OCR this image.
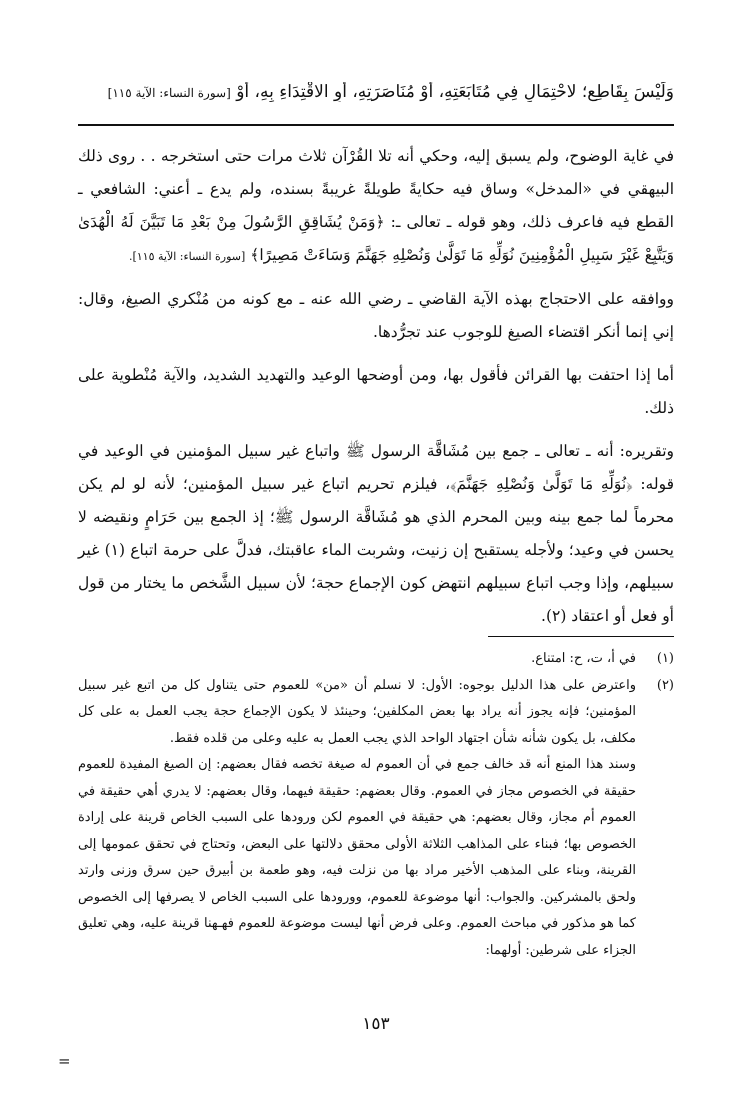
وَلَيْسَ بِقَاطِعٍ؛ لاحْتِمَالٍ فِي مُتَابَعَتِهِ، أَوْ مُنَاصَرَتِهِ، أَوِ الاقْتِدَاءِ بِهِ، أَوْ [سورة النساء: الآية ١١٥]

في غاية الوضوح، ولم يسبق إليه، وحكي أنه تلا القُرْآن ثلاث مرات حتى استخرجه . . روى ذلك البيهقي في «المدخل» وساق فيه حكايةً طويلةً غريبةً بسنده، ولم يدع ـ أعني: الشافعي ـ القطع فيه فاعرف ذلك، وهو قوله ـ تعالى ـ: ﴿وَمَنْ يُشَاقِقِ الرَّسُولَ مِنْ بَعْدِ مَا تَبَيَّنَ لَهُ الْهُدَىٰ وَيَتَّبِعْ غَيْرَ سَبِيلِ الْمُؤْمِنِينَ نُوَلِّهِ مَا تَوَلَّىٰ وَنُصْلِهِ جَهَنَّمَ وَسَاءَتْ مَصِيرًا﴾ [سورة النساء: الآية ١١٥].

ووافقه على الاحتجاج بهذه الآية القاضي ـ رضي الله عنه ـ مع كونه من مُنْكري الصيغ، وقال: إني إنما أنكر اقتضاء الصيغ للوجوب عند تجرُّدها.

أما إذا احتفت بها القرائن فأقول بها، ومن أوضحها الوعيد والتهديد الشديد، والآية مُنْطوية على ذلك.

وتقريره: أنه ـ تعالى ـ جمع بين مُشَاقَّة الرسول ﷺ واتباع غير سبيل المؤمنين في الوعيد في قوله: ﴿نُوَلِّهِ مَا تَوَلَّىٰ وَنُصْلِهِ جَهَنَّمَ﴾، فيلزم تحريم اتباع غير سبيل المؤمنين؛ لأنه لو لم يكن محرماً لما جمع بينه وبين المحرم الذي هو مُشَاقَّة الرسول ﷺ؛ إذ الجمع بين حَرَامٍ ونقيضه لا يحسن في وعيد؛ ولأجله يستقبح إن زنيت، وشربت الماء عاقبتك، فدلَّ على حرمة اتباع (١) غير سبيلهم، وإذا وجب اتباع سبيلهم انتهض كون الإجماع حجة؛ لأن سبيل الشَّخص ما يختار من قول أو فعل أو اعتقاد (٢).

(١)

في أ، ت، ح: امتناع.

(٢)

واعترض على هذا الدليل بوجوه: الأول: لا نسلم أن «من» للعموم حتى يتناول كل من اتبع غير سبيل المؤمنين؛ فإنه يجوز أنه يراد بها بعض المكلفين؛ وحينئذ لا يكون الإجماع حجة يجب العمل به على كل مكلف، بل يكون شأنه شأن اجتهاد الواحد الذي يجب العمل به عليه وعلى من قلده فقط.

وسند هذا المنع أنه قد خالف جمع في أن العموم له صيغة تخصه فقال بعضهم: إن الصيغ المفيدة للعموم حقيقة في الخصوص مجاز في العموم. وقال بعضهم: حقيقة فيهما، وقال بعضهم: لا يدري أهي حقيقة في العموم أم مجاز، وقال بعضهم: هي حقيقة في العموم لكن ورودها على السبب الخاص قرينة على إرادة الخصوص بها؛ فبناء على المذاهب الثلاثة الأولى محقق دلالتها على البعض، وتحتاج في تحقق عمومها إلى القرينة، وبناء على المذهب الأخير مراد بها من نزلت فيه، وهو طعمة بن أبيرق حين سرق وزنى وارتد ولحق بالمشركين. والجواب: أنها موضوعة للعموم، وورودها على السبب الخاص لا يصرفها إلى الخصوص كما هو مذكور في مباحث العموم. وعلى فرض أنها ليست موضوعة للعموم فهـهنا قرينة عليه، وهي تعليق الجزاء على شرطين: أولهما:

=
١٥٣
